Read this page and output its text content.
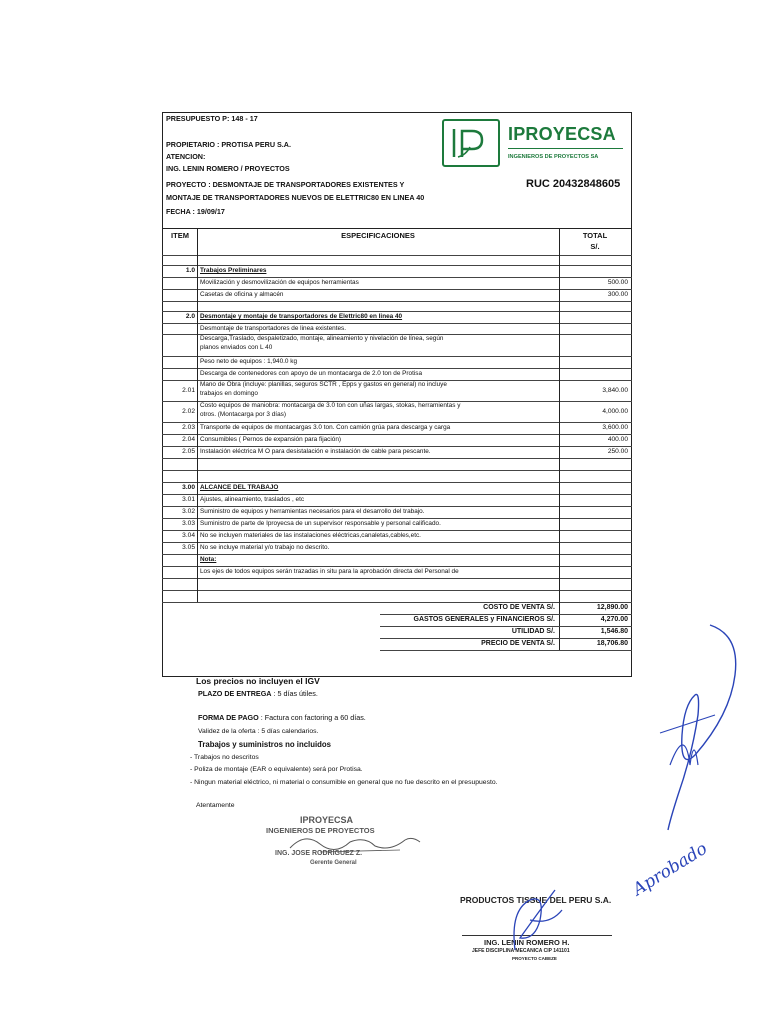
PRESUPUESTO P: 148 - 17
PROPIETARIO : PROTISA PERU S.A.
ATENCION:
ING. LENIN ROMERO / PROYECTOS
PROYECTO : DESMONTAJE DE TRANSPORTADORES EXISTENTES Y
MONTAJE DE TRANSPORTADORES NUEVOS DE ELETTRIC80 EN LINEA 40
FECHA : 19/09/17
IPROYECSA
INGENIEROS DE PROYECTOS SA
RUC 20432848605
ITEM	ESPECIFICACIONES	TOTAL
S/.
1.0 Trabajos Preliminares
Movilización y desmovilización de equipos herramientas	500.00
Casetas de oficina y almacén	300.00
2.0 Desmontaje y montaje de transportadores de Elettric80 en linea 40
Desmontaje de transportadores de linea existentes.
Descarga,Traslado, despaletizado, montaje, alineamiento y nivelación de línea, según
planos enviados con L 40
Peso neto de equipos : 1,940.0 kg
Descarga de contenedores con apoyo de un montacarga de 2.0 ton de Protisa
2.01
Mano de Obra (incluye: planillas, seguros SCTR , Epps y gastos en general) no incluye
trabajos en domingo	3,840.00
2.02
Costo equipos de maniobra: montacarga de 3.0 ton con uñas largas, stokas, herramientas y
otros. (Montacarga por 3 días)	4,000.00
2.03 Transporte de equipos de montacargas 3.0 ton. Con camión grúa para descarga y carga	3,600.00
2.04 Consumibles ( Pernos de expansión para fijación)	400.00
2.05 Instalación eléctrica M O para desistalación e instalación de cable para pescante.	250.00
3.00 ALCANCE DEL TRABAJO
3.01 Ajustes, alineamiento, traslados , etc
3.02 Suministro de equipos y herramientas necesarios para el desarrollo del trabajo.
3.03 Suministro de parte de Iproyecsa de un supervisor responsable y personal calificado.
3.04 No se incluyen materiales de las instalaciones eléctricas,canaletas,cables,etc.
3.05 No se incluye material y/o trabajo no descrito.
Nota:
Los ejes de todos equipos serán trazadas in situ para la aprobación directa del Personal de
COSTO DE VENTA S/.	12,890.00
GASTOS GENERALES y FINANCIEROS S/.	4,270.00
UTILIDAD S/.	1,546.80
PRECIO DE VENTA S/.	18,706.80
Los precios no incluyen el IGV
PLAZO DE ENTREGA : 5 días útiles.
FORMA DE PAGO : Factura con factoring a 60 días.
Validez de la oferta : 5 días calendarios.
Trabajos y suministros no incluidos
- Trabajos no descritos
- Poliza de montaje (EAR o equivalente) será por Protisa.
- Ningun material eléctrico, ni material o consumible en general que no fue descrito en el presupuesto.
Atentamente
IPROYECSA
INGENIEROS DE PROYECTOS
ING. JOSE RODRIGUEZ Z.
Gerente General
PRODUCTOS TISSUE DEL PERU S.A.
ING. LENIN ROMERO H.
JEFE DISCIPLINA MECANICA CIP 141101
PROYECTO CABEZE
Aprobado
